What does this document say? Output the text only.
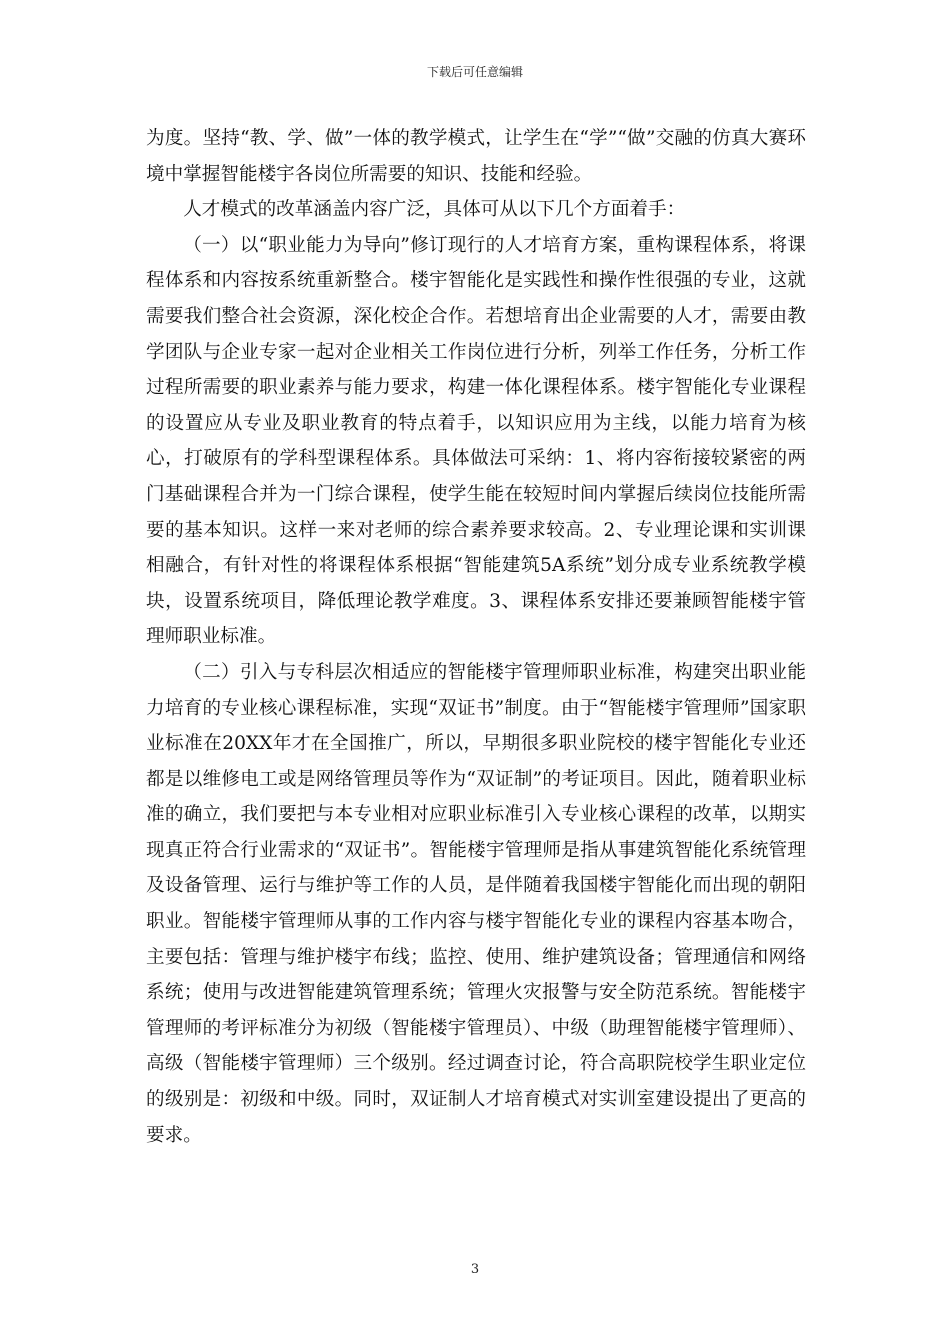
下载后可任意编辑

为度。坚持“教、学、做”一体的教学模式，让学生在“学”“做”交融的仿真大赛环境中掌握智能楼宇各岗位所需要的知识、技能和经验。

人才模式的改革涵盖内容广泛，具体可从以下几个方面着手：

（一）以“职业能力为导向”修订现行的人才培育方案，重构课程体系，将课程体系和内容按系统重新整合。楼宇智能化是实践性和操作性很强的专业，这就需要我们整合社会资源，深化校企合作。若想培育出企业需要的人才，需要由教学团队与企业专家一起对企业相关工作岗位进行分析，列举工作任务，分析工作过程所需要的职业素养与能力要求，构建一体化课程体系。楼宇智能化专业课程的设置应从专业及职业教育的特点着手，以知识应用为主线，以能力培育为核心，打破原有的学科型课程体系。具体做法可采纳：1、将内容衔接较紧密的两门基础课程合并为一门综合课程，使学生能在较短时间内掌握后续岗位技能所需要的基本知识。这样一来对老师的综合素养要求较高。2、专业理论课和实训课相融合，有针对性的将课程体系根据“智能建筑5A系统”划分成专业系统教学模块，设置系统项目，降低理论教学难度。3、课程体系安排还要兼顾智能楼宇管理师职业标准。

（二）引入与专科层次相适应的智能楼宇管理师职业标准，构建突出职业能力培育的专业核心课程标准，实现“双证书”制度。由于“智能楼宇管理师”国家职业标准在20XX年才在全国推广，所以，早期很多职业院校的楼宇智能化专业还都是以维修电工或是网络管理员等作为“双证制”的考证项目。因此，随着职业标准的确立，我们要把与本专业相对应职业标准引入专业核心课程的改革，以期实现真正符合行业需求的“双证书”。智能楼宇管理师是指从事建筑智能化系统管理及设备管理、运行与维护等工作的人员，是伴随着我国楼宇智能化而出现的朝阳职业。智能楼宇管理师从事的工作内容与楼宇智能化专业的课程内容基本吻合，主要包括：管理与维护楼宇布线；监控、使用、维护建筑设备；管理通信和网络系统；使用与改进智能建筑管理系统；管理火灾报警与安全防范系统。智能楼宇管理师的考评标准分为初级（智能楼宇管理员）、中级（助理智能楼宇管理师）、高级（智能楼宇管理师）三个级别。经过调查讨论，符合高职院校学生职业定位的级别是：初级和中级。同时，双证制人才培育模式对实训室建设提出了更高的要求。

3
